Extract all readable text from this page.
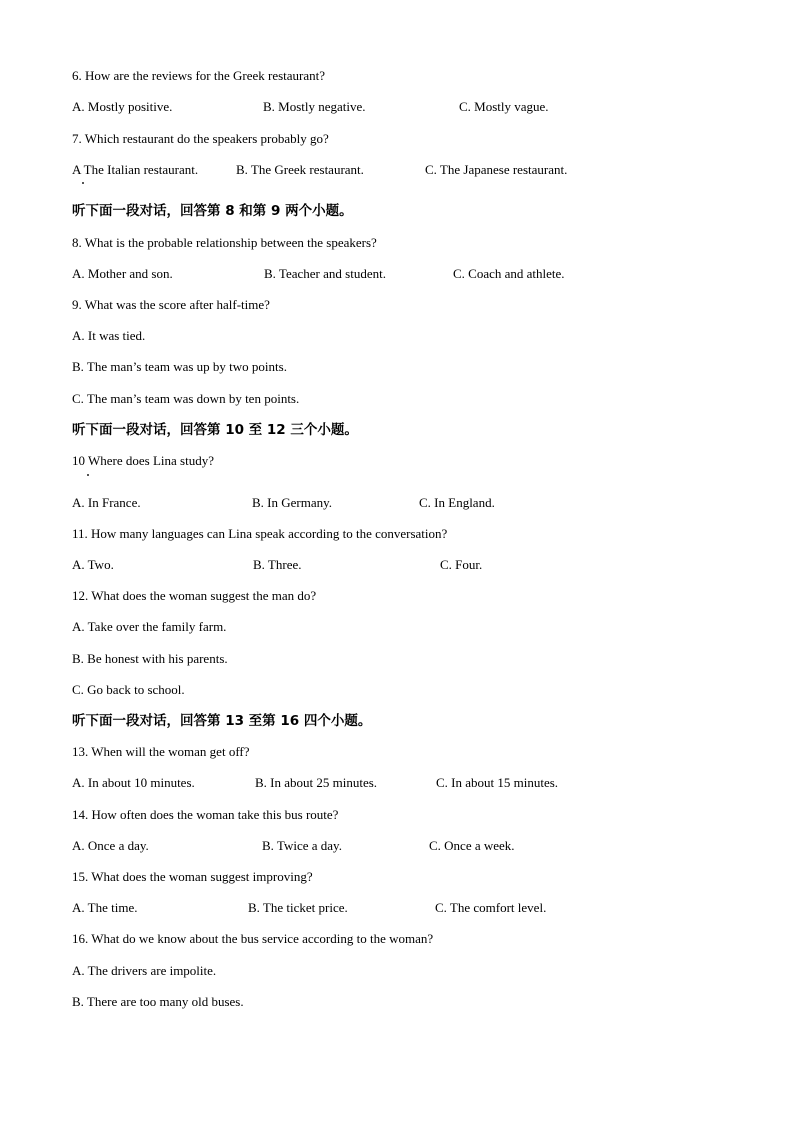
6. How are the reviews for the Greek restaurant?
A. Mostly positive.	B. Mostly negative.	C. Mostly vague.
7. Which restaurant do the speakers probably go?
A The Italian restaurant.	B. The Greek restaurant.	C. The Japanese restaurant.
听下面一段对话，回答第 8 和第 9 两个小题。
8. What is the probable relationship between the speakers?
A. Mother and son.	B. Teacher and student.	C. Coach and athlete.
9. What was the score after half-time?
A. It was tied.
B. The man’s team was up by two points.
C. The man’s team was down by ten points.
听下面一段对话，回答第 10 至 12 三个小题。
10 Where does Lina study?
A. In France.	B. In Germany.	C. In England.
11. How many languages can Lina speak according to the conversation?
A. Two.	B. Three.	C. Four.
12. What does the woman suggest the man do?
A. Take over the family farm.
B. Be honest with his parents.
C. Go back to school.
听下面一段对话，回答第 13 至第 16 四个小题。
13. When will the woman get off?
A. In about 10 minutes.	B. In about 25 minutes.	C. In about 15 minutes.
14. How often does the woman take this bus route?
A. Once a day.	B. Twice a day.	C. Once a week.
15. What does the woman suggest improving?
A. The time.	B. The ticket price.	C. The comfort level.
16. What do we know about the bus service according to the woman?
A. The drivers are impolite.
B. There are too many old buses.
